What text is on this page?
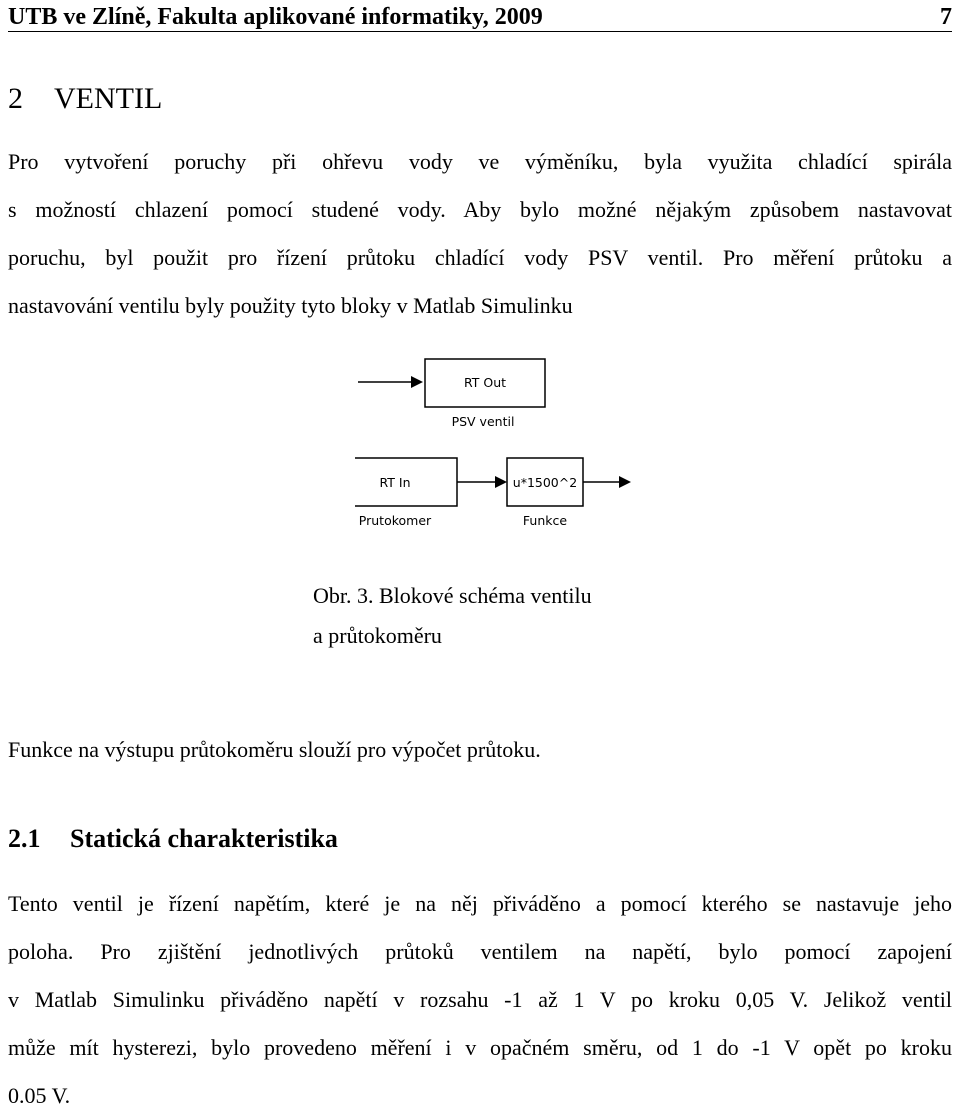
UTB ve Zlíně, Fakulta aplikované informatiky, 2009	7
2 VENTIL
Pro vytvoření poruchy při ohřevu vody ve výměníku, byla využita chladící spirála
s možností chlazení pomocí studené vody. Aby bylo možné nějakým způsobem nastavovat
poruchu, byl použit pro řízení průtoku chladící vody PSV ventil. Pro měření průtoku a
nastavování ventilu byly použity tyto bloky v Matlab Simulinku
RT Out
PSV ventil
RT In
Prutokomer
u*1500^2
Funkce
Obr. 3. Blokové schéma ventilu
a průtokoměru
Funkce na výstupu průtokoměru slouží pro výpočet průtoku.
2.1 Statická charakteristika
Tento ventil je řízení napětím, které je na něj přiváděno a pomocí kterého se nastavuje jeho
poloha. Pro zjištění jednotlivých průtoků ventilem na napětí, bylo pomocí zapojení
v Matlab Simulinku přiváděno napětí v rozsahu -1 až 1 V po kroku 0,05 V. Jelikož ventil
může mít hysterezi, bylo provedeno měření i v opačném směru, od 1 do -1 V opět po kroku
0.05 V.
